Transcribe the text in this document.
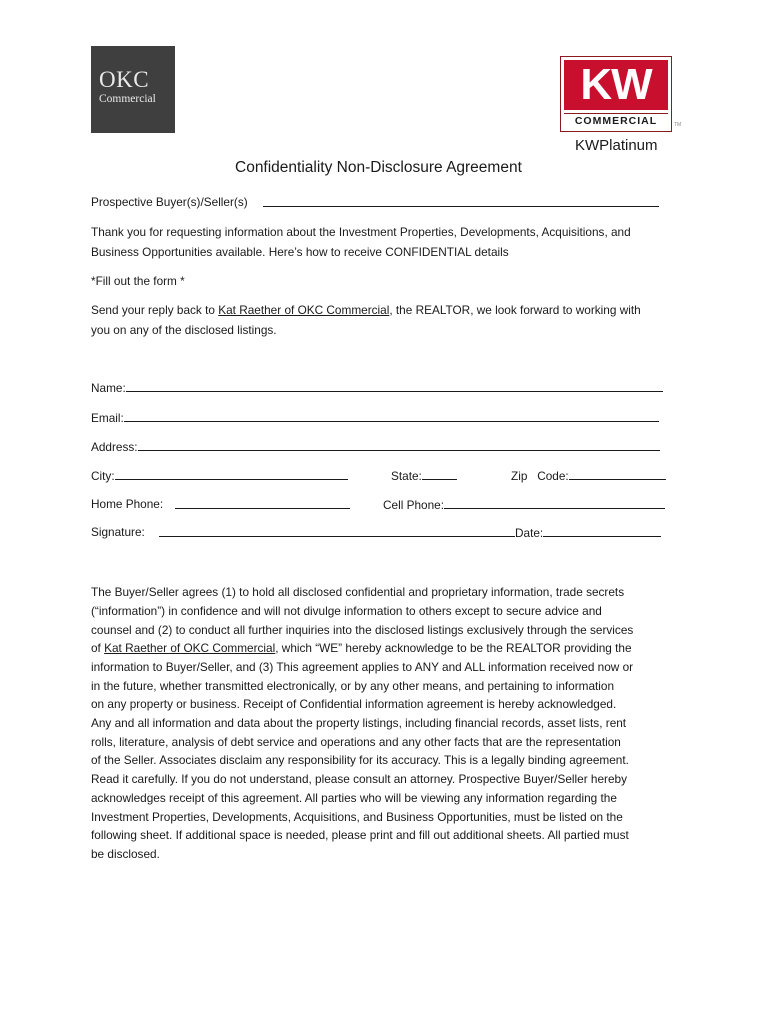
OKC
Commercial	KW
COMMERCIAL	TM
KWPlatinum
Confidentiality Non-Disclosure Agreement
Prospective Buyer(s)/Seller(s)
Thank you for requesting information about the Investment Properties, Developments, Acquisitions, and
Business Opportunities available. Here’s how to receive CONFIDENTIAL details
*Fill out the form *
Send your reply back to Kat Raether of OKC Commercial, the REALTOR, we look forward to working with
you on any of the disclosed listings.
Name:
Email:
Address:
City:	State:	Zip   Code:
Home Phone:	Cell Phone:
Signature:	Date:
The Buyer/Seller agrees (1) to hold all disclosed confidential and proprietary information, trade secrets
(“information”) in confidence and will not divulge information to others except to secure advice and
counsel and (2) to conduct all further inquiries into the disclosed listings exclusively through the services
of Kat Raether of OKC Commercial, which “WE” hereby acknowledge to be the REALTOR providing the
information to Buyer/Seller, and (3) This agreement applies to ANY and ALL information received now or
in the future, whether transmitted electronically, or by any other means, and pertaining to information
on any property or business. Receipt of Confidential information agreement is hereby acknowledged.
Any and all information and data about the property listings, including financial records, asset lists, rent
rolls, literature, analysis of debt service and operations and any other facts that are the representation
of the Seller. Associates disclaim any responsibility for its accuracy. This is a legally binding agreement.
Read it carefully. If you do not understand, please consult an attorney. Prospective Buyer/Seller hereby
acknowledges receipt of this agreement. All parties who will be viewing any information regarding the
Investment Properties, Developments, Acquisitions, and Business Opportunities, must be listed on the
following sheet. If additional space is needed, please print and fill out additional sheets. All partied must
be disclosed.
